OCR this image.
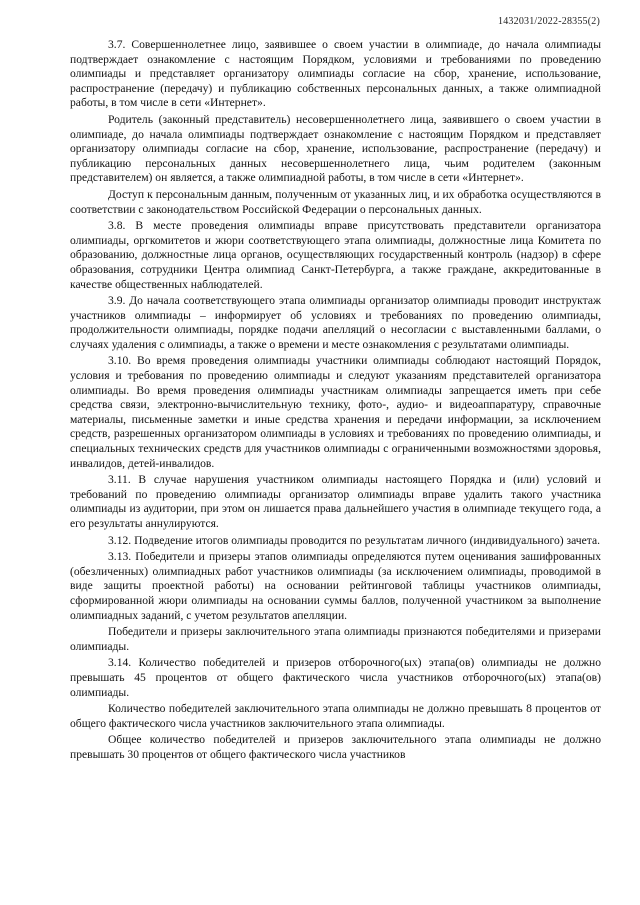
1432031/2022-28355(2)

3.7. Совершеннолетнее лицо, заявившее о своем участии в олимпиаде, до начала олимпиады подтверждает ознакомление с настоящим Порядком, условиями и требованиями по проведению олимпиады и представляет организатору олимпиады согласие на сбор, хранение, использование, распространение (передачу) и публикацию собственных персональных данных, а также олимпиадной работы, в том числе в сети «Интернет».

Родитель (законный представитель) несовершеннолетнего лица, заявившего о своем участии в олимпиаде, до начала олимпиады подтверждает ознакомление с настоящим Порядком и представляет организатору олимпиады согласие на сбор, хранение, использование, распространение (передачу) и публикацию персональных данных несовершеннолетнего лица, чьим родителем (законным представителем) он является, а также олимпиадной работы, в том числе в сети «Интернет».

Доступ к персональным данным, полученным от указанных лиц, и их обработка осуществляются в соответствии с законодательством Российской Федерации о персональных данных.

3.8. В месте проведения олимпиады вправе присутствовать представители организатора олимпиады, оргкомитетов и жюри соответствующего этапа олимпиады, должностные лица Комитета по образованию, должностные лица органов, осуществляющих государственный контроль (надзор) в сфере образования, сотрудники Центра олимпиад Санкт-Петербурга, а также граждане, аккредитованные в качестве общественных наблюдателей.

3.9. До начала соответствующего этапа олимпиады организатор олимпиады проводит инструктаж участников олимпиады – информирует об условиях и требованиях по проведению олимпиады, продолжительности олимпиады, порядке подачи апелляций о несогласии с выставленными баллами, о случаях удаления с олимпиады, а также о времени и месте ознакомления с результатами олимпиады.

3.10. Во время проведения олимпиады участники олимпиады соблюдают настоящий Порядок, условия и требования по проведению олимпиады и следуют указаниям представителей организатора олимпиады. Во время проведения олимпиады участникам олимпиады запрещается иметь при себе средства связи, электронно-вычислительную технику, фото-, аудио- и видеоаппаратуру, справочные материалы, письменные заметки и иные средства хранения и передачи информации, за исключением средств, разрешенных организатором олимпиады в условиях и требованиях по проведению олимпиады, и специальных технических средств для участников олимпиады с ограниченными возможностями здоровья, инвалидов, детей-инвалидов.

3.11. В случае нарушения участником олимпиады настоящего Порядка и (или) условий и требований по проведению олимпиады организатор олимпиады вправе удалить такого участника олимпиады из аудитории, при этом он лишается права дальнейшего участия в олимпиаде текущего года, а его результаты аннулируются.

3.12. Подведение итогов олимпиады проводится по результатам личного (индивидуального) зачета.

3.13. Победители и призеры этапов олимпиады определяются путем оценивания зашифрованных (обезличенных) олимпиадных работ участников олимпиады (за исключением олимпиады, проводимой в виде защиты проектной работы) на основании рейтинговой таблицы участников олимпиады, сформированной жюри олимпиады на основании суммы баллов, полученной участником за выполнение олимпиадных заданий, с учетом результатов апелляции.

Победители и призеры заключительного этапа олимпиады признаются победителями и призерами олимпиады.

3.14. Количество победителей и призеров отборочного(ых) этапа(ов) олимпиады не должно превышать 45 процентов от общего фактического числа участников отборочного(ых) этапа(ов) олимпиады.

Количество победителей заключительного этапа олимпиады не должно превышать 8 процентов от общего фактического числа участников заключительного этапа олимпиады.

Общее количество победителей и призеров заключительного этапа олимпиады не должно превышать 30 процентов от общего фактического числа участников
